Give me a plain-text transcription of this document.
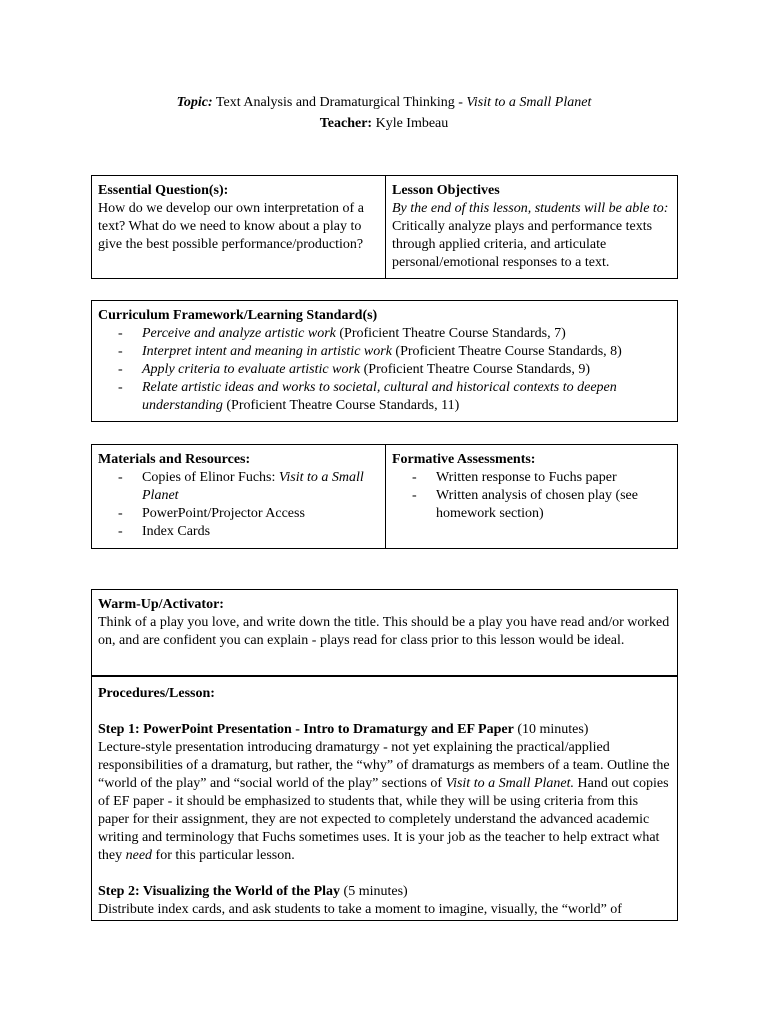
Topic: Text Analysis and Dramaturgical Thinking - Visit to a Small Planet
Teacher: Kyle Imbeau
Essential Question(s):
How do we develop our own interpretation of a text? What do we need to know about a play to give the best possible performance/production?
Lesson Objectives
By the end of this lesson, students will be able to: Critically analyze plays and performance texts through applied criteria, and articulate personal/emotional responses to a text.
Curriculum Framework/Learning Standard(s)
- Perceive and analyze artistic work (Proficient Theatre Course Standards, 7)
- Interpret intent and meaning in artistic work (Proficient Theatre Course Standards, 8)
- Apply criteria to evaluate artistic work (Proficient Theatre Course Standards, 9)
- Relate artistic ideas and works to societal, cultural and historical contexts to deepen understanding (Proficient Theatre Course Standards, 11)
Materials and Resources:
- Copies of Elinor Fuchs: Visit to a Small Planet
- PowerPoint/Projector Access
- Index Cards
Formative Assessments:
- Written response to Fuchs paper
- Written analysis of chosen play (see homework section)
Warm-Up/Activator:
Think of a play you love, and write down the title. This should be a play you have read and/or worked on, and are confident you can explain - plays read for class prior to this lesson would be ideal.
Procedures/Lesson:

Step 1: PowerPoint Presentation - Intro to Dramaturgy and EF Paper (10 minutes)

Lecture-style presentation introducing dramaturgy - not yet explaining the practical/applied responsibilities of a dramaturg, but rather, the “why” of dramaturgs as members of a team. Outline the “world of the play” and “social world of the play” sections of Visit to a Small Planet. Hand out copies of EF paper - it should be emphasized to students that, while they will be using criteria from this paper for their assignment, they are not expected to completely understand the advanced academic writing and terminology that Fuchs sometimes uses. It is your job as the teacher to help extract what they need for this particular lesson.

Step 2: Visualizing the World of the Play (5 minutes)

Distribute index cards, and ask students to take a moment to imagine, visually, the “world” of
